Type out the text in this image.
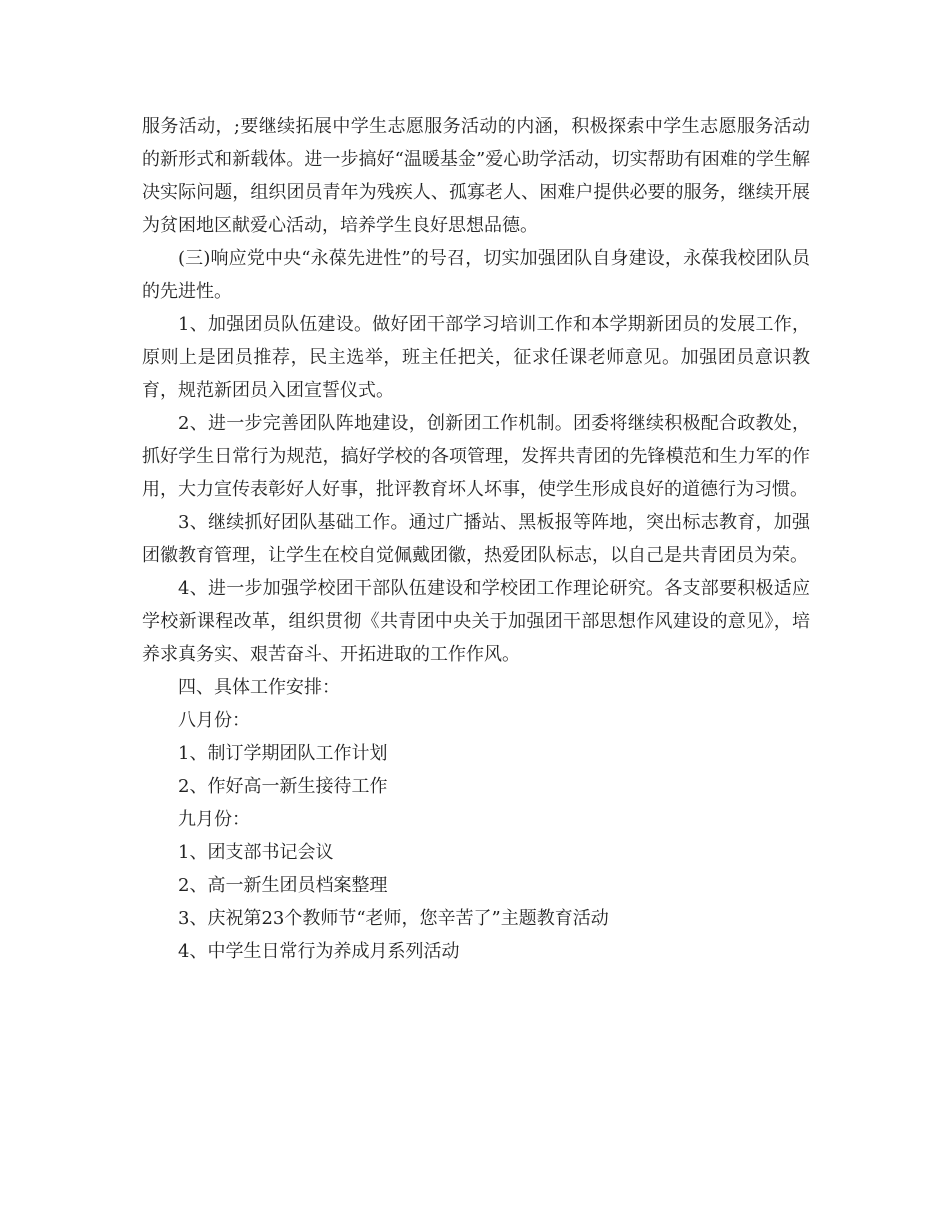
服务活动，;要继续拓展中学生志愿服务活动的内涵，积极探索中学生志愿服务活动的新形式和新载体。进一步搞好“温暖基金”爱心助学活动，切实帮助有困难的学生解决实际问题，组织团员青年为残疾人、孤寡老人、困难户提供必要的服务，继续开展为贫困地区献爱心活动，培养学生良好思想品德。

(三)响应党中央“永葆先进性”的号召，切实加强团队自身建设，永葆我校团队员的先进性。

1、加强团员队伍建设。做好团干部学习培训工作和本学期新团员的发展工作，原则上是团员推荐，民主选举，班主任把关，征求任课老师意见。加强团员意识教育，规范新团员入团宣誓仪式。

2、进一步完善团队阵地建设，创新团工作机制。团委将继续积极配合政教处，抓好学生日常行为规范，搞好学校的各项管理，发挥共青团的先锋模范和生力军的作用，大力宣传表彰好人好事，批评教育坏人坏事，使学生形成良好的道德行为习惯。

3、继续抓好团队基础工作。通过广播站、黑板报等阵地，突出标志教育，加强团徽教育管理，让学生在校自觉佩戴团徽，热爱团队标志，以自己是共青团员为荣。

4、进一步加强学校团干部队伍建设和学校团工作理论研究。各支部要积极适应学校新课程改革，组织贯彻《共青团中央关于加强团干部思想作风建设的意见》，培养求真务实、艰苦奋斗、开拓进取的工作作风。

四、具体工作安排：

八月份：

1、制订学期团队工作计划

2、作好高一新生接待工作

九月份：

1、团支部书记会议

2、高一新生团员档案整理

3、庆祝第23个教师节“老师，您辛苦了”主题教育活动

4、中学生日常行为养成月系列活动
